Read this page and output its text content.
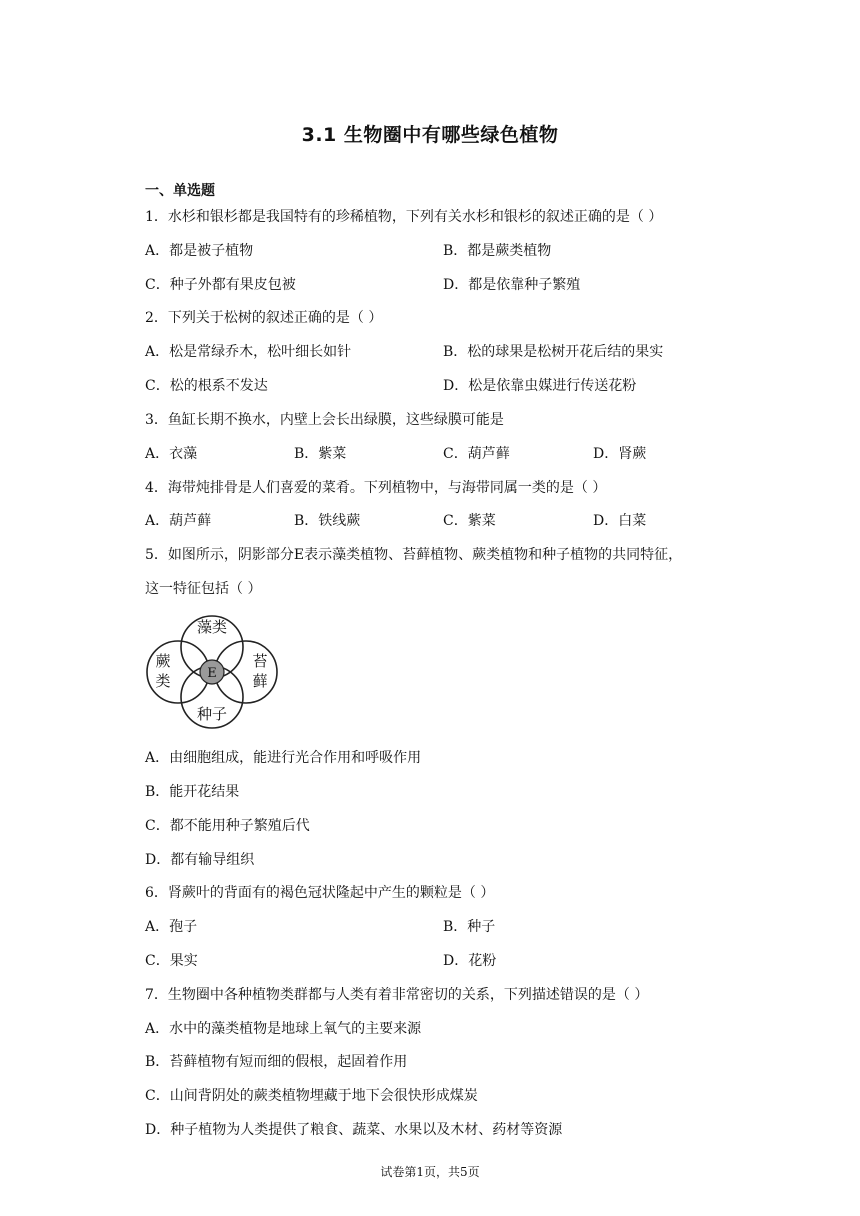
3.1 生物圈中有哪些绿色植物
一、单选题
1．水杉和银杉都是我国特有的珍稀植物，下列有关水杉和银杉的叙述正确的是（ ）
A．都是被子植物	B．都是蕨类植物
C．种子外都有果皮包被	D．都是依靠种子繁殖
2．下列关于松树的叙述正确的是（ ）
A．松是常绿乔木，松叶细长如针	B．松的球果是松树开花后结的果实
C．松的根系不发达	D．松是依靠虫媒进行传送花粉
3．鱼缸长期不换水，内壁上会长出绿膜，这些绿膜可能是
A．衣藻	B．紫菜	C．葫芦藓	D．肾蕨
4．海带炖排骨是人们喜爱的菜肴。下列植物中，与海带同属一类的是（ ）
A．葫芦藓	B．铁线蕨	C．紫菜	D．白菜
5．如图所示，阴影部分E表示藻类植物、苔藓植物、蕨类植物和种子植物的共同特征，
这一特征包括（ ）
藻类
蕨
类
苔
藓
种子
E
A．由细胞组成，能进行光合作用和呼吸作用
B．能开花结果
C．都不能用种子繁殖后代
D．都有输导组织
6．肾蕨叶的背面有的褐色冠状隆起中产生的颗粒是（ ）
A．孢子	B．种子
C．果实	D．花粉
7．生物圈中各种植物类群都与人类有着非常密切的关系，下列描述错误的是（ ）
A．水中的藻类植物是地球上氧气的主要来源
B．苔藓植物有短而细的假根，起固着作用
C．山间背阴处的蕨类植物埋藏于地下会很快形成煤炭
D．种子植物为人类提供了粮食、蔬菜、水果以及木材、药材等资源
试卷第1页，共5页
